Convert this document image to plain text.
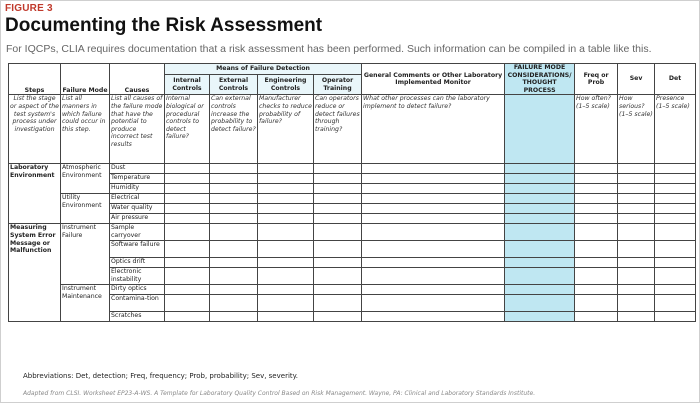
FIGURE 3
Documenting the Risk Assessment
For IQCPs, CLIA requires documentation that a risk assessment has been performed. Such information can be compiled in a table like this.
Steps	Failure Mode	Causes	Means of Failure Detection				General Comments or Other Laboratory Implemented Monitor	FAILURE MODE CONSIDERATIONS/ THOUGHT PROCESS	Freq or Prob	Sev	Det
			Internal Controls	External Controls	Engineering Controls	Operator Training					
List the stage or aspect of the test system's process under investigation	List all manners in which failure could occur in this step.	List all causes of the failure mode that have the potential to produce incorrect test results	Internal biological or procedural controls to detect failure?	Can external controls increase the probability to detect failure?	Manufacturer checks to reduce probability of failure?	Can operators reduce or detect failures through training?	What other processes can the laboratory implement to detect failure?		How often? (1–5 scale)	How serious? (1–5 scale)	Presence (1–5 scale)
Laboratory Environment	Atmospheric Environment	Dust									
		Temperature									
		Humidity									
	Utility Environment	Electrical									
		Water quality									
		Air pressure									
Measuring System Error Message or Malfunction	Instrument Failure	Sample carryover									
		Software failure									
		Optics drift									
		Electronic instability									
	Instrument Maintenance	Dirty optics									
		Contamina-tion									
		Scratches									
Abbreviations: Det, detection; Freq, frequency; Prob, probability; Sev, severity.
Adapted from CLSI. Worksheet EP23-A-WS. A Template for Laboratory Quality Control Based on Risk Management. Wayne, PA: Clinical and Laboratory Standards Institute.
